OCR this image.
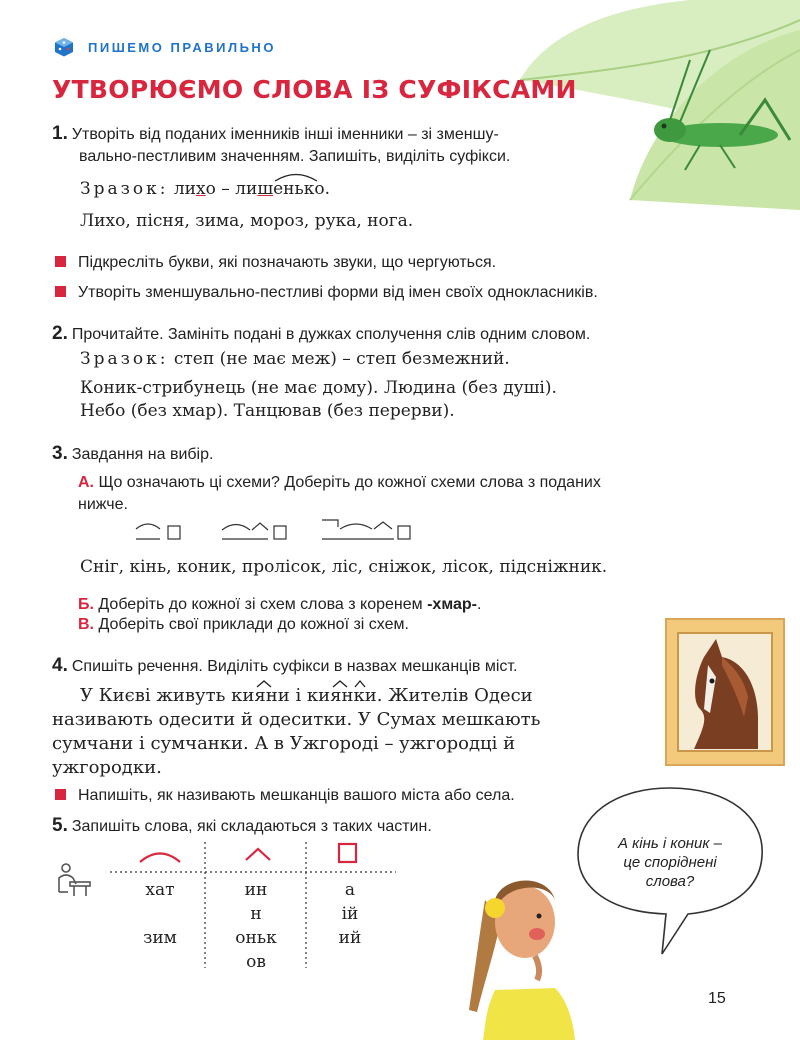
ПИШЕМО ПРАВИЛЬНО
УТВОРЮЄМО СЛОВА ІЗ СУФІКСАМИ
1. Утворіть від поданих іменників інші іменники – зі зменшу-
вально-пестливим значенням. Запишіть, виділіть суфікси.
Зразок: лихо – лиш
енько.
Лихо, пісня, зима, мороз, рука, нога.
Підкресліть букви, які позначають звуки, що чергуються.
Утворіть зменшувально-пестливі форми від імен своїх однокласників.
2. Прочитайте. Замініть подані в дужках сполучення слів одним словом.
Зразок: степ (не має меж) – степ безмежний.
Коник-стрибунець (не має дому). Людина (без душі).
Небо (без хмар). Танцював (без перерви).
3. Завдання на вибір.
А. Що означають ці схеми? Доберіть до кожної схеми слова з поданих
нижче.
Сніг, кінь, коник, пролісок, ліс, сніжок, лісок, підсніжник.
Б. Доберіть до кожної зі схем слова з коренем -хмар-.
В. Доберіть свої приклади до кожної зі схем.
4. Спишіть речення. Виділіть суфікси в назвах мешканців міст.
У Києві живуть ки
яни і ки
ян
ки. Жителів Одеси
називають одесити й одеситки. У Сумах мешкають
сумчани і сумчанки. А в Ужгороді – ужгородці й
ужгородки.
Напишіть, як називають мешканців вашого міста або села.
5. Запишіть слова, які складаються з таких частин.
хат
зим
ин
н
оньк
ов
а
ій
ий
А кінь і коник –
це споріднені
слова?
15
